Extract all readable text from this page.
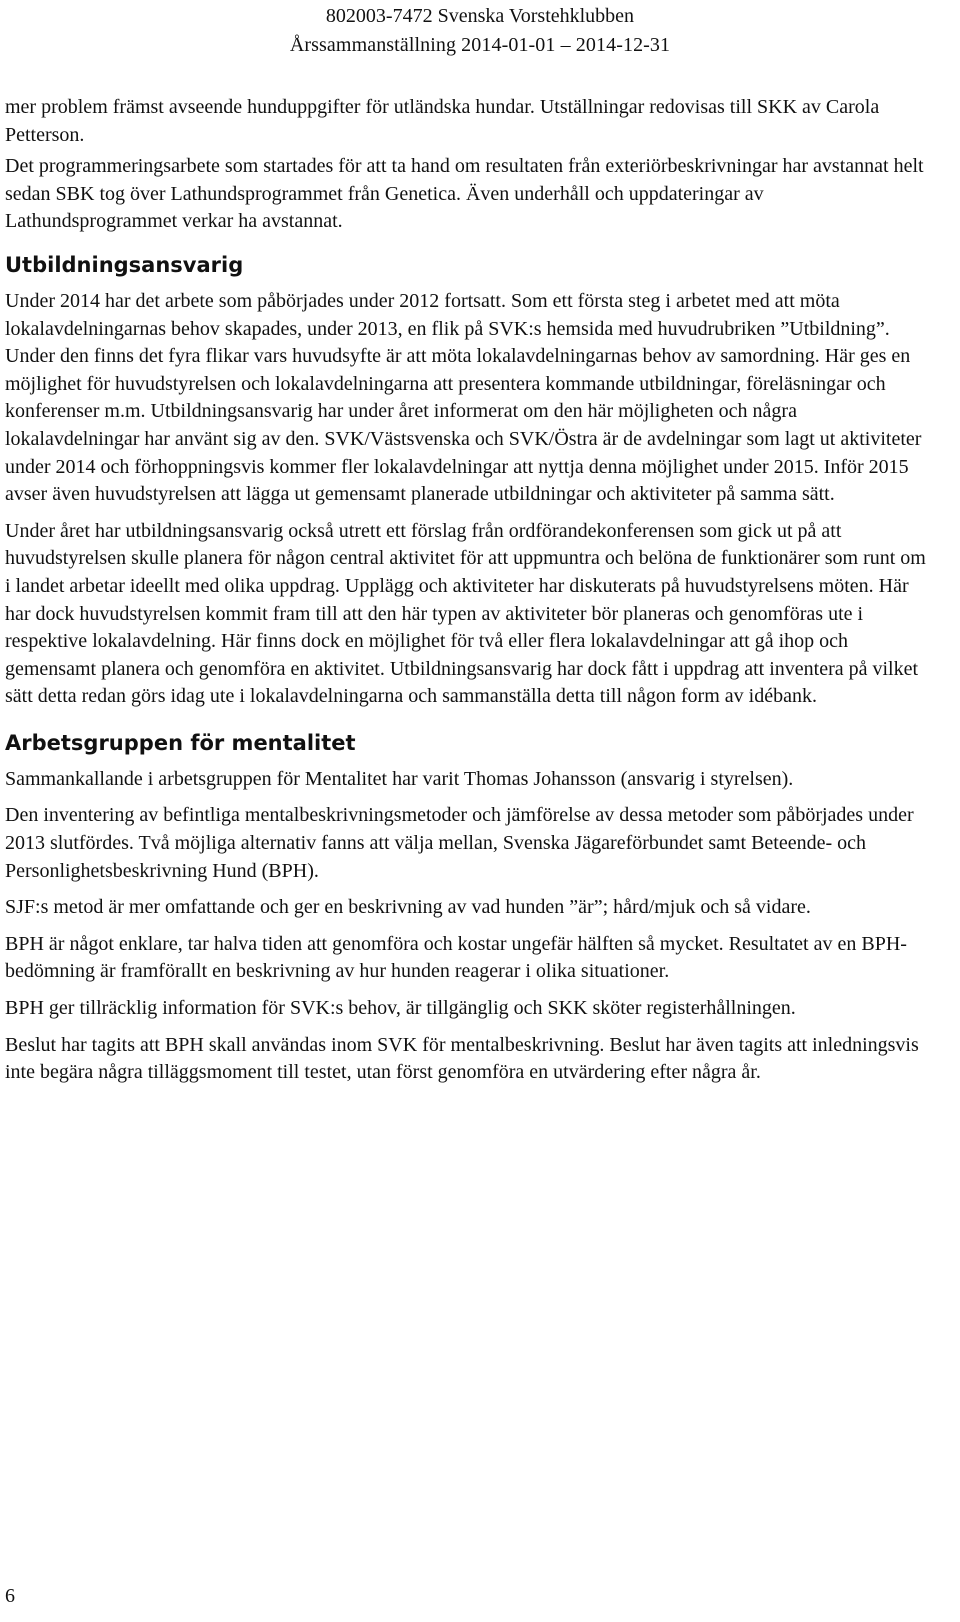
802003-7472 Svenska Vorstehklubben
Årssammanställning 2014-01-01 – 2014-12-31

mer problem främst avseende hunduppgifter för utländska hundar. Utställningar redovisas till SKK av Carola Petterson.

Det programmeringsarbete som startades för att ta hand om resultaten från exteriörbeskrivningar har avstannat helt sedan SBK tog över Lathundsprogrammet från Genetica. Även underhåll och uppdateringar av Lathundsprogrammet verkar ha avstannat.

Utbildningsansvarig

Under 2014 har det arbete som påbörjades under 2012 fortsatt. Som ett första steg i arbetet med att möta lokalavdelningarnas behov skapades, under 2013, en flik på SVK:s hemsida med huvudrubriken ”Utbildning”. Under den finns det fyra flikar vars huvudsyfte är att möta lokalavdelningarnas behov av samordning. Här ges en möjlighet för huvudstyrelsen och lokalavdelningarna att presentera kommande utbildningar, föreläsningar och konferenser m.m. Utbildningsansvarig har under året informerat om den här möjligheten och några lokalavdelningar har använt sig av den. SVK/Västsvenska och SVK/Östra är de avdelningar som lagt ut aktiviteter under 2014 och förhoppningsvis kommer fler lokalavdelningar att nyttja denna möjlighet under 2015. Inför 2015 avser även huvudstyrelsen att lägga ut gemensamt planerade utbildningar och aktiviteter på samma sätt.

Under året har utbildningsansvarig också utrett ett förslag från ordförandekonferensen som gick ut på att huvudstyrelsen skulle planera för någon central aktivitet för att uppmuntra och belöna de funktionärer som runt om i landet arbetar ideellt med olika uppdrag. Upplägg och aktiviteter har diskuterats på huvudstyrelsens möten. Här har dock huvudstyrelsen kommit fram till att den här typen av aktiviteter bör planeras och genomföras ute i respektive lokalavdelning. Här finns dock en möjlighet för två eller flera lokalavdelningar att gå ihop och gemensamt planera och genomföra en aktivitet. Utbildningsansvarig har dock fått i uppdrag att inventera på vilket sätt detta redan görs idag ute i lokalavdelningarna och sammanställa detta till någon form av idébank.

Arbetsgruppen för mentalitet

Sammankallande i arbetsgruppen för Mentalitet har varit Thomas Johansson (ansvarig i styrelsen).

Den inventering av befintliga mentalbeskrivningsmetoder och jämförelse av dessa metoder som påbörjades under 2013 slutfördes. Två möjliga alternativ fanns att välja mellan, Svenska Jägareförbundet samt Beteende- och Personlighetsbeskrivning Hund (BPH).

SJF:s metod är mer omfattande och ger en beskrivning av vad hunden ”är”; hård/mjuk och så vidare.

BPH är något enklare, tar halva tiden att genomföra och kostar ungefär hälften så mycket. Resultatet av en BPH-bedömning är framförallt en beskrivning av hur hunden reagerar i olika situationer.

BPH ger tillräcklig information för SVK:s behov, är tillgänglig och SKK sköter registerhållningen.

Beslut har tagits att BPH skall användas inom SVK för mentalbeskrivning. Beslut har även tagits att inledningsvis inte begära några tilläggsmoment till testet, utan först genomföra en utvärdering efter några år.

6
